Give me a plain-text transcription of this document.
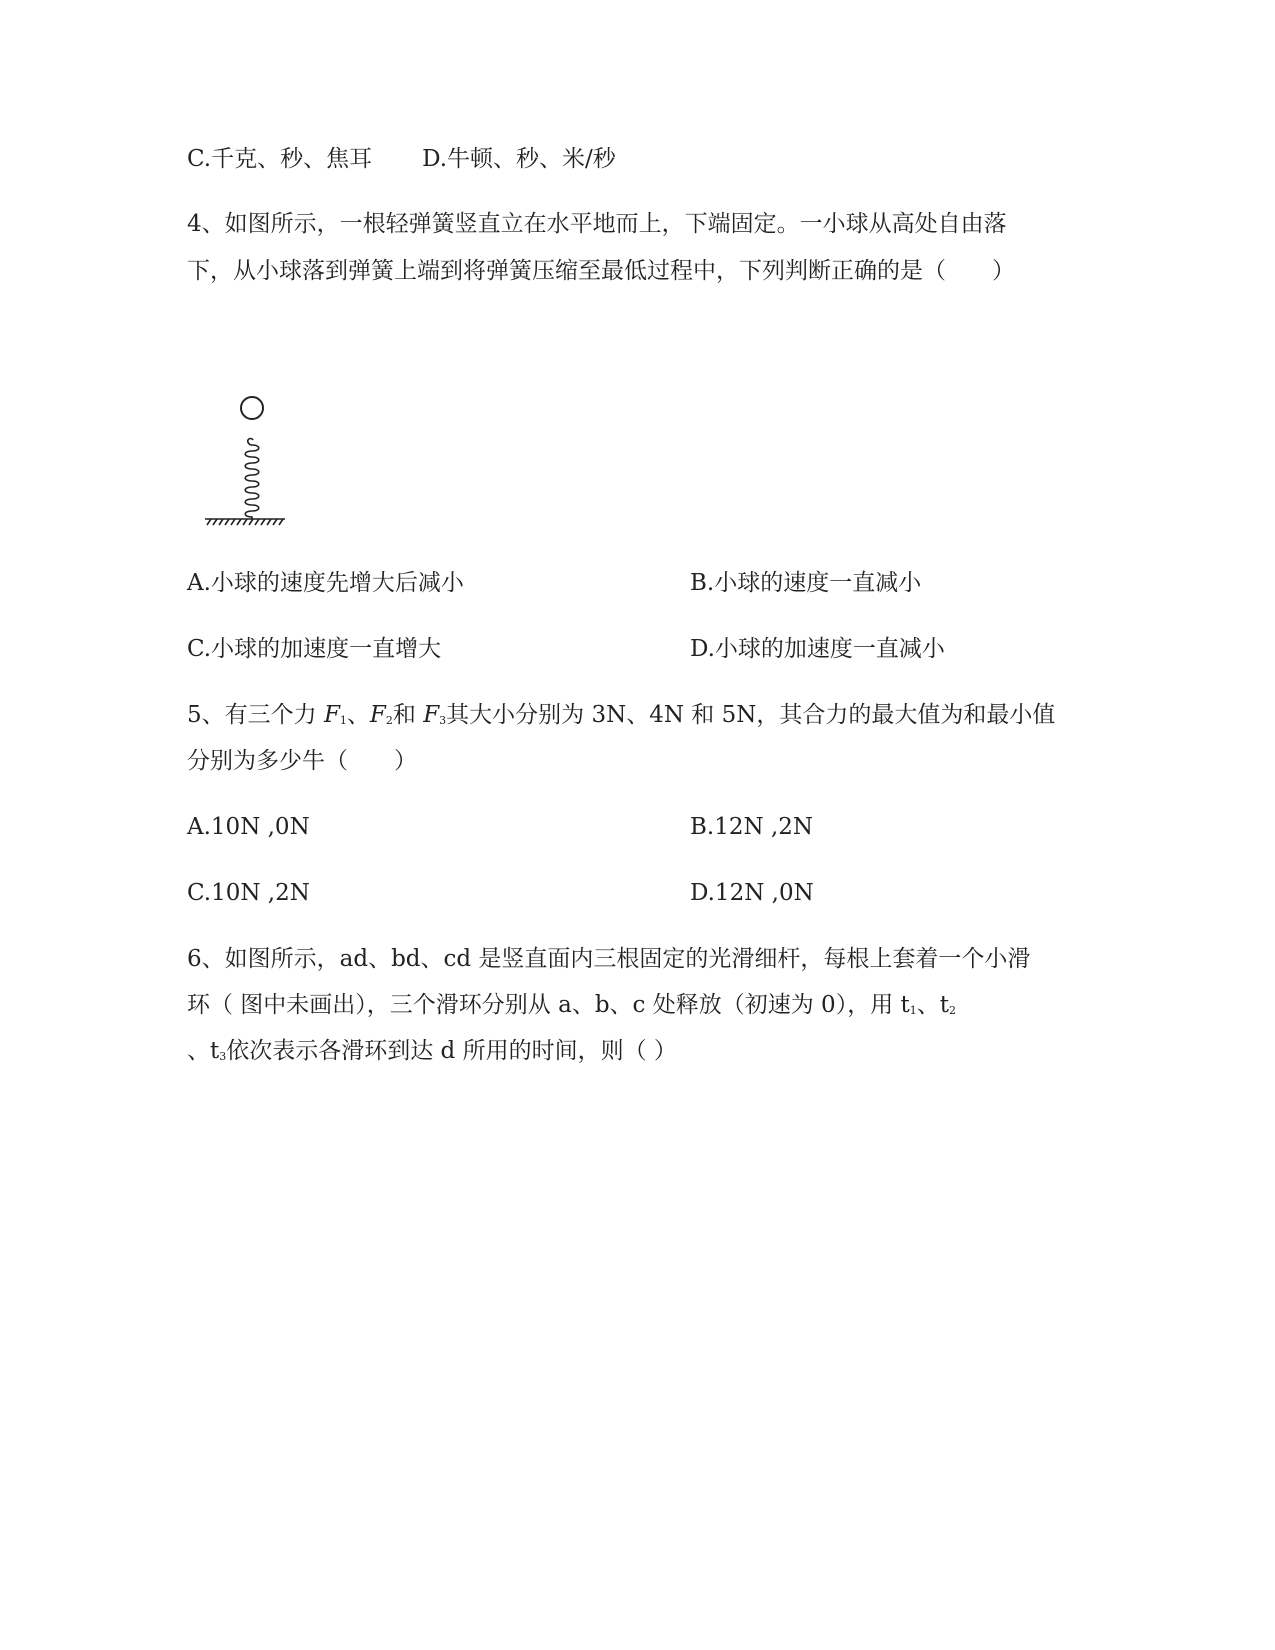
C.千克、秒、焦耳 D.牛顿、秒、米/秒
4、如图所示，一根轻弹簧竖直立在水平地而上，下端固定。一小球从高处自由落
下，从小球落到弹簧上端到将弹簧压缩至最低过程中，下列判断正确的是（　　）
A.小球的速度先增大后减小	B.小球的速度一直减小
C.小球的加速度一直增大	D.小球的加速度一直减小
5、有三个力 $F_1$、$F_2$和 $F_3$其大小分别为 3N、4N 和 5N，其合力的最大值为和最小值
分别为多少牛（　　）
A.10N ,0N	B.12N ,2N
C.10N ,2N	D.12N ,0N
6、如图所示，ad、bd、cd 是竖直面内三根固定的光滑细杆，每根上套着一个小滑
环（ 图中未画出），三个滑环分别从 a、b、c 处释放（初速为 0），用 $t_1$、$t_2$
、$t_3$依次表示各滑环到达 d 所用的时间，则（ ）
